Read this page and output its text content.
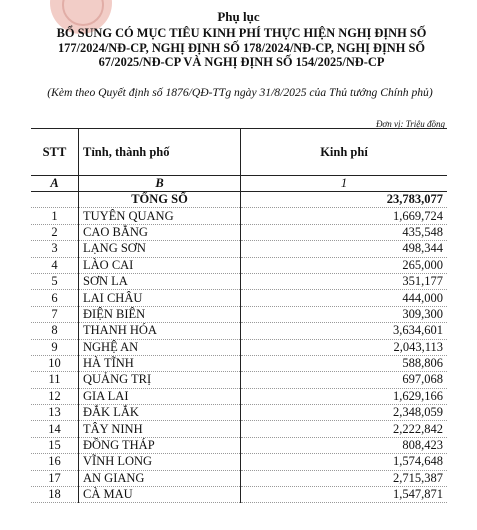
Phụ lục
BỔ SUNG CÓ MỤC TIÊU KINH PHÍ THỰC HIỆN NGHỊ ĐỊNH SỐ
177/2024/NĐ-CP, NGHỊ ĐỊNH SỐ 178/2024/NĐ-CP, NGHỊ ĐỊNH SỐ
67/2025/NĐ-CP VÀ NGHỊ ĐỊNH SỐ 154/2025/NĐ-CP
(Kèm theo Quyết định số 1876/QĐ-TTg ngày 31/8/2025 của Thủ tướng Chính phủ)
Đơn vị: Triệu đồng
STT	Tỉnh, thành phố	Kinh phí
A	B	1
	TỔNG SỐ	23,783,077
1	TUYÊN QUANG	1,669,724
2	CAO BẰNG	435,548
3	LẠNG SƠN	498,344
4	LÀO CAI	265,000
5	SƠN LA	351,177
6	LAI CHÂU	444,000
7	ĐIỆN BIÊN	309,300
8	THANH HÓA	3,634,601
9	NGHỆ AN	2,043,113
10	HÀ TĨNH	588,806
11	QUẢNG TRỊ	697,068
12	GIA LAI	1,629,166
13	ĐẮK LẮK	2,348,059
14	TÂY NINH	2,222,842
15	ĐỒNG THÁP	808,423
16	VĨNH LONG	1,574,648
17	AN GIANG	2,715,387
18	CÀ MAU	1,547,871
